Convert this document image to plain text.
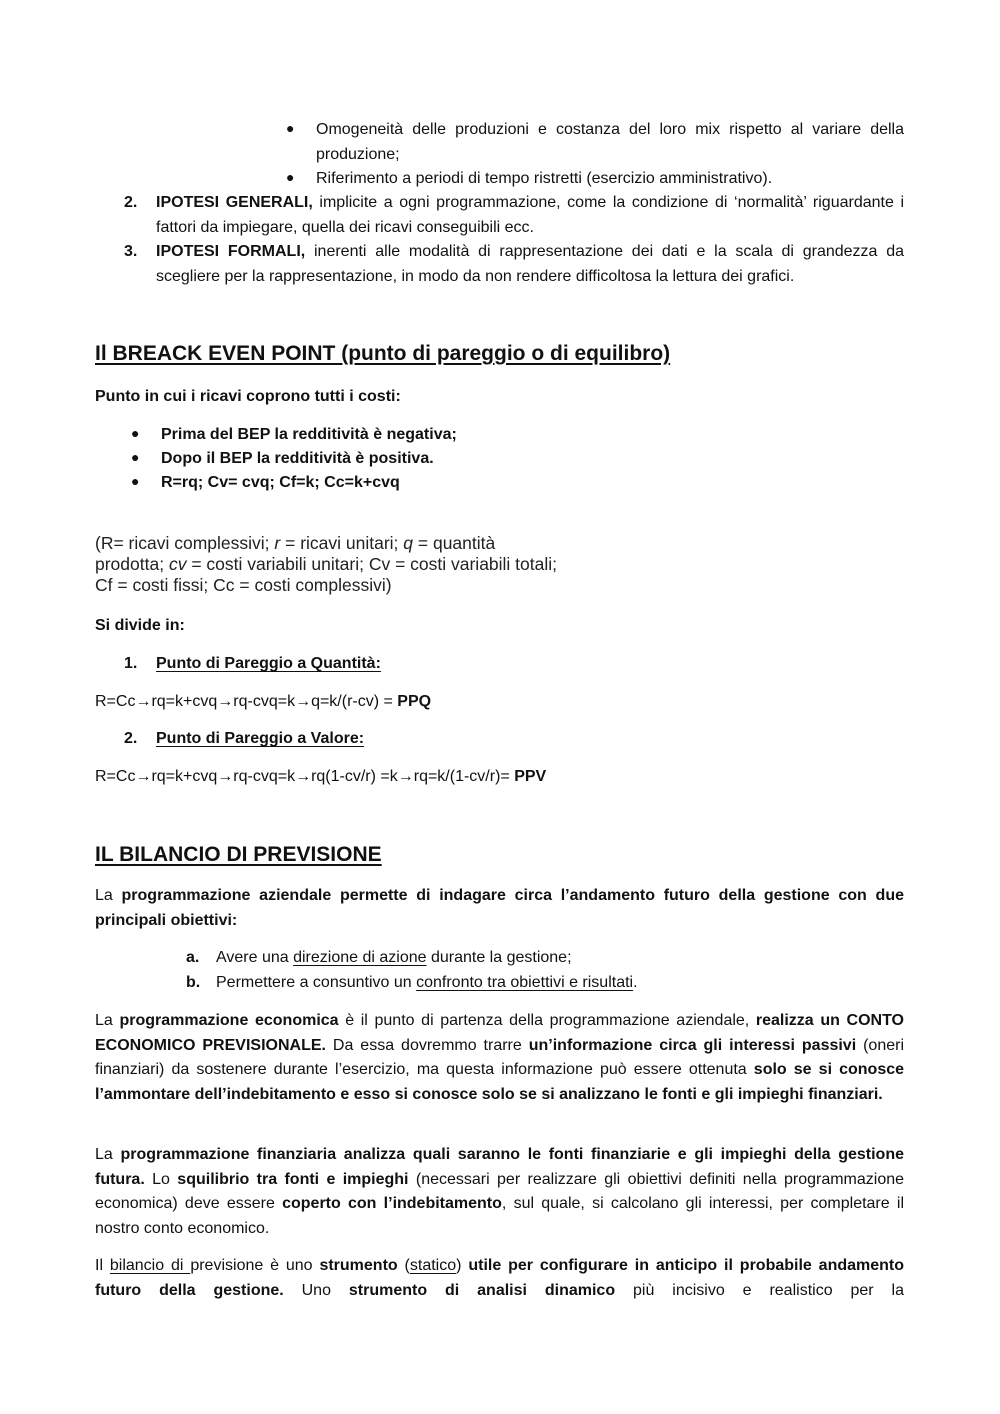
● Omogeneità delle produzioni e costanza del loro mix rispetto al variare della produzione;
● Riferimento a periodi di tempo ristretti (esercizio amministrativo).
2. IPOTESI GENERALI, implicite a ogni programmazione, come la condizione di ‘normalità’ riguardante i fattori da impiegare, quella dei ricavi conseguibili ecc.
3. IPOTESI FORMALI, inerenti alle modalità di rappresentazione dei dati e la scala di grandezza da scegliere per la rappresentazione, in modo da non rendere difficoltosa la lettura dei grafici.
Il BREACK EVEN POINT (punto di pareggio o di equilibro)
Punto in cui i ricavi coprono tutti i costi:
● Prima del BEP la redditività è negativa;
● Dopo il BEP la redditività è positiva.
● R=rq; Cv= cvq; Cf=k; Cc=k+cvq
(R= ricavi complessivi; r = ricavi unitari; q = quantità
prodotta; cv = costi variabili unitari; Cv = costi variabili totali;
Cf = costi fissi; Cc = costi complessivi)
Si divide in:
1. Punto di Pareggio a Quantità:
R=Cc→rq=k+cvq→rq-cvq=k→q=k/(r-cv) = PPQ
2. Punto di Pareggio a Valore:
R=Cc→rq=k+cvq→rq-cvq=k→rq(1-cv/r) =k→rq=k/(1-cv/r)= PPV
IL BILANCIO DI PREVISIONE
La programmazione aziendale permette di indagare circa l’andamento futuro della gestione con due principali obiettivi:
a. Avere una direzione di azione durante la gestione;
b. Permettere a consuntivo un confronto tra obiettivi e risultati.
La programmazione economica è il punto di partenza della programmazione aziendale, realizza un CONTO ECONOMICO PREVISIONALE. Da essa dovremmo trarre un’informazione circa gli interessi passivi (oneri finanziari) da sostenere durante l’esercizio, ma questa informazione può essere ottenuta solo se si conosce l’ammontare dell’indebitamento e esso si conosce solo se si analizzano le fonti e gli impieghi finanziari.
La programmazione finanziaria analizza quali saranno le fonti finanziarie e gli impieghi della gestione futura. Lo squilibrio tra fonti e impieghi (necessari per realizzare gli obiettivi definiti nella programmazione economica) deve essere coperto con l’indebitamento, sul quale, si calcolano gli interessi, per completare il nostro conto economico.
Il bilancio di previsione è uno strumento (statico) utile per configurare in anticipo il probabile andamento futuro della gestione. Uno strumento di analisi dinamico più incisivo e realistico per la
